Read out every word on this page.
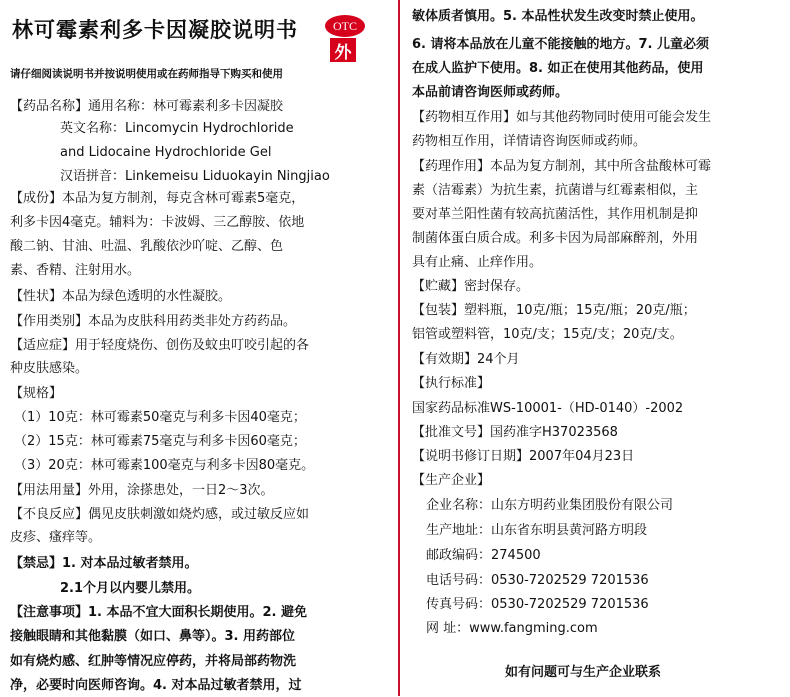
林可霉素利多卡因凝胶说明书	OTC
外
请仔细阅读说明书并按说明使用或在药师指导下购买和使用
【药品名称】通用名称：林可霉素利多卡因凝胶
英文名称：Lincomycin Hydrochloride
and Lidocaine Hydrochloride Gel
汉语拼音：Linkemeisu Liduokayin Ningjiao
【成份】本品为复方制剂，每克含林可霉素5毫克，
利多卡因4毫克。辅料为：卡波姆、三乙醇胺、依地
酸二钠、甘油、吐温、乳酸依沙吖啶、乙醇、色
素、香精、注射用水。
【性状】本品为绿色透明的水性凝胶。
【作用类别】本品为皮肤科用药类非处方药药品。
【适应症】用于轻度烧伤、创伤及蚊虫叮咬引起的各
种皮肤感染。
【规格】
（1）10克：林可霉素50毫克与利多卡因40毫克；
（2）15克：林可霉素75毫克与利多卡因60毫克；
（3）20克：林可霉素100毫克与利多卡因80毫克。
【用法用量】外用，涂搽患处，一日2～3次。
【不良反应】偶见皮肤刺激如烧灼感，或过敏反应如
皮疹、瘙痒等。
【禁忌】1. 对本品过敏者禁用。
2.1个月以内婴儿禁用。
【注意事项】1. 本品不宜大面积长期使用。2. 避免
接触眼睛和其他黏膜（如口、鼻等）。3. 用药部位
如有烧灼感、红肿等情况应停药，并将局部药物洗
净，必要时向医师咨询。4. 对本品过敏者禁用，过
敏体质者慎用。5. 本品性状发生改变时禁止使用。
6. 请将本品放在儿童不能接触的地方。7. 儿童必须
在成人监护下使用。8. 如正在使用其他药品，使用
本品前请咨询医师或药师。
【药物相互作用】如与其他药物同时使用可能会发生
药物相互作用，详情请咨询医师或药师。
【药理作用】本品为复方制剂，其中所含盐酸林可霉
素（洁霉素）为抗生素，抗菌谱与红霉素相似，主
要对革兰阳性菌有较高抗菌活性，其作用机制是抑
制菌体蛋白质合成。利多卡因为局部麻醉剂，外用
具有止痛、止痒作用。
【贮藏】密封保存。
【包装】塑料瓶，10克/瓶；15克/瓶；20克/瓶；
铝管或塑料管，10克/支；15克/支；20克/支。
【有效期】24个月
【执行标准】
国家药品标准WS-10001-（HD-0140）-2002
【批准文号】国药准字H37023568
【说明书修订日期】2007年04月23日
【生产企业】
企业名称：山东方明药业集团股份有限公司
生产地址：山东省东明县黄河路方明段
邮政编码：274500
电话号码：0530-7202529 7201536
传真号码：0530-7202529 7201536
网 址：www.fangming.com
如有问题可与生产企业联系
